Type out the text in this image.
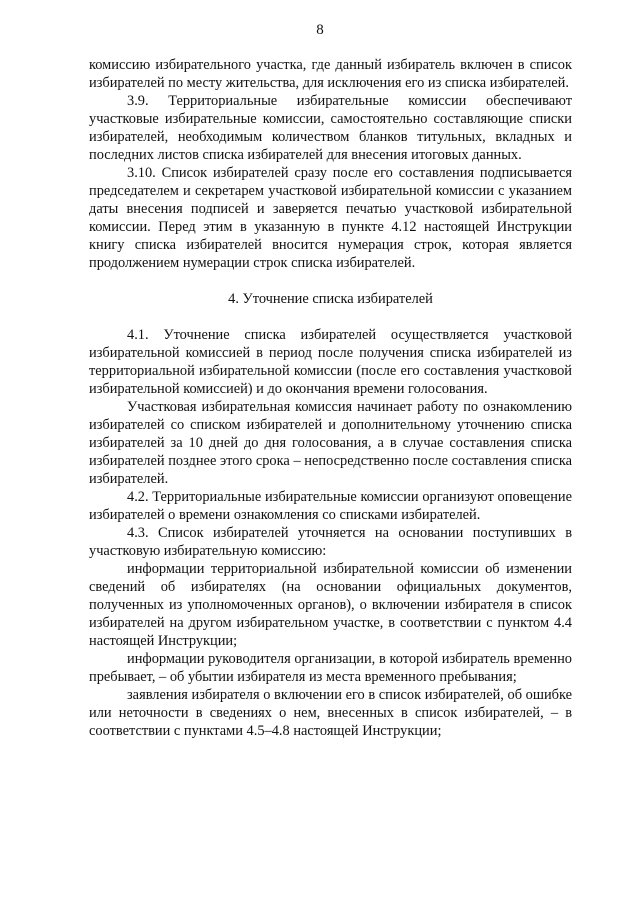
8

комиссию избирательного участка, где данный избиратель включен в список избирателей по месту жительства, для исключения его из списка избирателей.

3.9. Территориальные избирательные комиссии обеспечивают участковые избирательные комиссии, самостоятельно составляющие списки избирателей, необходимым количеством бланков титульных, вкладных и последних листов списка избирателей для внесения итоговых данных.

3.10. Список избирателей сразу после его составления подписывается председателем и секретарем участковой избирательной комиссии с указанием даты внесения подписей и заверяется печатью участковой избирательной комиссии. Перед этим в указанную в пункте 4.12 настоящей Инструкции книгу списка избирателей вносится нумерация строк, которая является продолжением нумерации строк списка избирателей.

4. Уточнение списка избирателей

4.1. Уточнение списка избирателей осуществляется участковой избирательной комиссией в период после получения списка избирателей из территориальной избирательной комиссии (после его составления участковой избирательной комиссией) и до окончания времени голосования.

Участковая избирательная комиссия начинает работу по ознакомлению избирателей со списком избирателей и дополнительному уточнению списка избирателей за 10 дней до дня голосования, а в случае составления списка избирателей позднее этого срока – непосредственно после составления списка избирателей.

4.2. Территориальные избирательные комиссии организуют оповещение избирателей о времени ознакомления со списками избирателей.

4.3. Список избирателей уточняется на основании поступивших в участковую избирательную комиссию:

информации территориальной избирательной комиссии об изменении сведений об избирателях (на основании официальных документов, полученных из уполномоченных органов), о включении избирателя в список избирателей на другом избирательном участке, в соответствии с пунктом 4.4 настоящей Инструкции;

информации руководителя организации, в которой избиратель временно пребывает, – об убытии избирателя из места временного пребывания;

заявления избирателя о включении его в список избирателей, об ошибке или неточности в сведениях о нем, внесенных в список избирателей, – в соответствии с пунктами 4.5–4.8 настоящей Инструкции;
